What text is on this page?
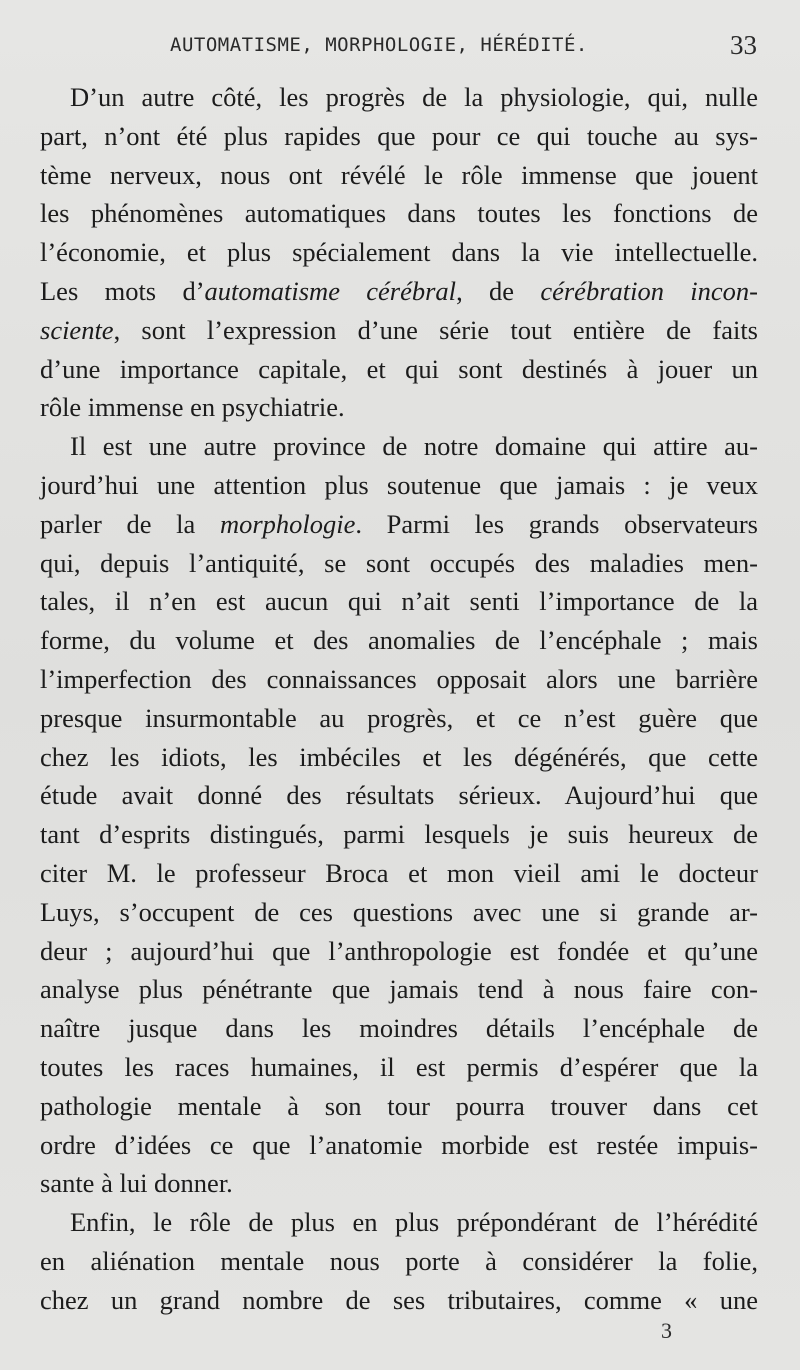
AUTOMATISME, MORPHOLOGIE, HÉRÉDITÉ.	33
D’un autre côté, les progrès de la physiologie, qui, nulle
part, n’ont été plus rapides que pour ce qui touche au sys-
tème nerveux, nous ont révélé le rôle immense que jouent
les phénomènes automatiques dans toutes les fonctions de
l’économie, et plus spécialement dans la vie intellectuelle.
Les mots d’automatisme cérébral, de cérébration incon-
sciente, sont l’expression d’une série tout entière de faits
d’une importance capitale, et qui sont destinés à jouer un
rôle immense en psychiatrie.
Il est une autre province de notre domaine qui attire au-
jourd’hui une attention plus soutenue que jamais : je veux
parler de la morphologie. Parmi les grands observateurs
qui, depuis l’antiquité, se sont occupés des maladies men-
tales, il n’en est aucun qui n’ait senti l’importance de la
forme, du volume et des anomalies de l’encéphale ; mais
l’imperfection des connaissances opposait alors une barrière
presque insurmontable au progrès, et ce n’est guère que
chez les idiots, les imbéciles et les dégénérés, que cette
étude avait donné des résultats sérieux. Aujourd’hui que
tant d’esprits distingués, parmi lesquels je suis heureux de
citer M. le professeur Broca et mon vieil ami le docteur
Luys, s’occupent de ces questions avec une si grande ar-
deur ; aujourd’hui que l’anthropologie est fondée et qu’une
analyse plus pénétrante que jamais tend à nous faire con-
naître jusque dans les moindres détails l’encéphale de
toutes les races humaines, il est permis d’espérer que la
pathologie mentale à son tour pourra trouver dans cet
ordre d’idées ce que l’anatomie morbide est restée impuis-
sante à lui donner.
Enfin, le rôle de plus en plus prépondérant de l’hérédité
en aliénation mentale nous porte à considérer la folie,
chez un grand nombre de ses tributaires, comme « une
3
